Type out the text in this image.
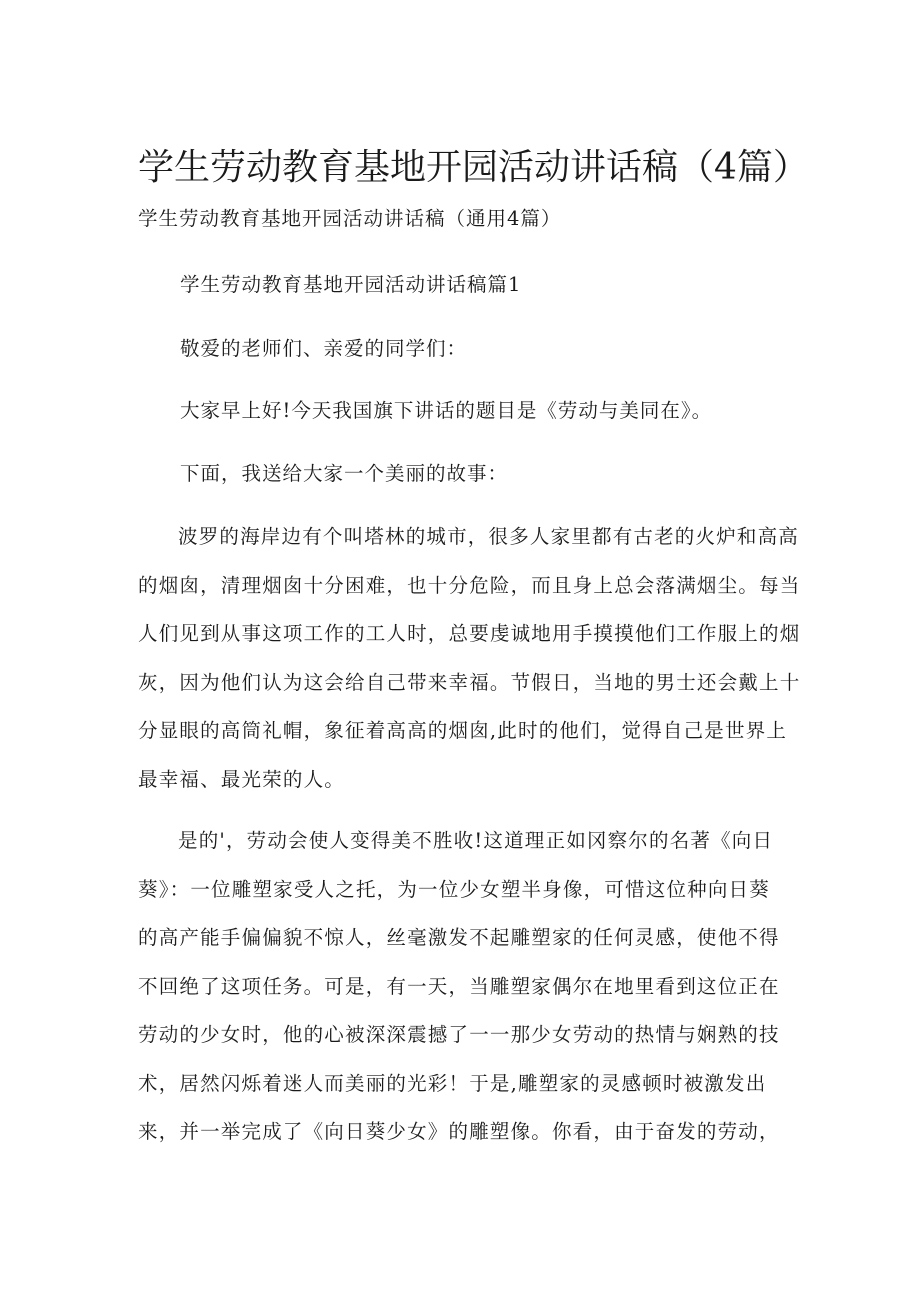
学生劳动教育基地开园活动讲话稿（4篇）

学生劳动教育基地开园活动讲话稿（通用4篇）

学生劳动教育基地开园活动讲话稿篇1

敬爱的老师们、亲爱的同学们：

大家早上好!今天我国旗下讲话的题目是《劳动与美同在》。

下面，我送给大家一个美丽的故事：

波罗的海岸边有个叫塔林的城市，很多人家里都有古老的火炉和高高
的烟囱，清理烟囱十分困难，也十分危险，而且身上总会落满烟尘。每当
人们见到从事这项工作的工人时，总要虔诚地用手摸摸他们工作服上的烟
灰，因为他们认为这会给自己带来幸福。节假日，当地的男士还会戴上十
分显眼的高筒礼帽，象征着高高的烟囱,此时的他们，觉得自己是世界上
最幸福、最光荣的人。
是的'，劳动会使人变得美不胜收!这道理正如冈察尔的名著《向日
葵》：一位雕塑家受人之托，为一位少女塑半身像，可惜这位种向日葵
的高产能手偏偏貌不惊人，丝毫激发不起雕塑家的任何灵感，使他不得
不回绝了这项任务。可是，有一天，当雕塑家偶尔在地里看到这位正在
劳动的少女时，他的心被深深震撼了一一那少女劳动的热情与娴熟的技
术，居然闪烁着迷人而美丽的光彩！于是,雕塑家的灵感顿时被激发出
来，并一举完成了《向日葵少女》的雕塑像。你看，由于奋发的劳动，
